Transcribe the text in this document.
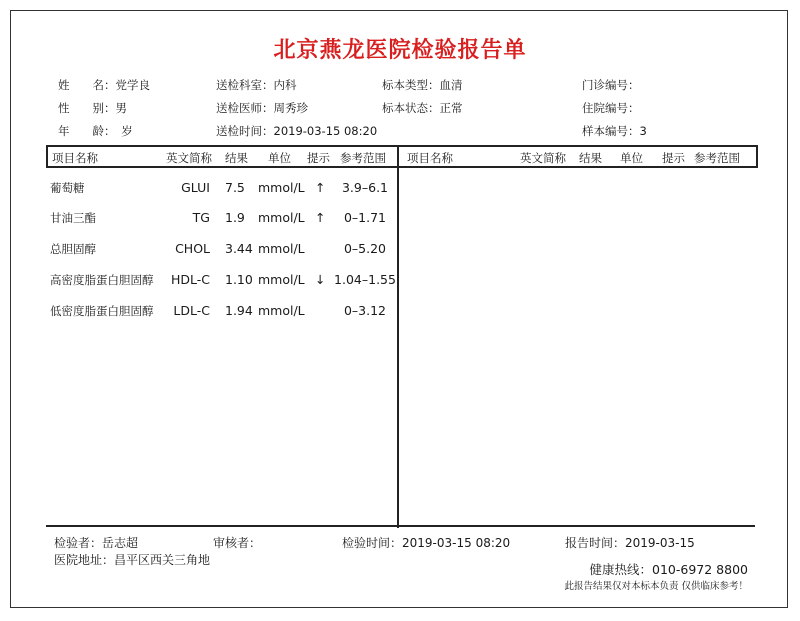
北京燕龙医院检验报告单
姓　　名：党学良
性　　别：男
年　　龄：　岁
送检科室：内科
送检医师：周秀珍
送检时间：2019-03-15 08:20
标本类型：血清
标本状态：正常
门诊编号：
住院编号：
样本编号：3
项目名称	英文简称 结果 单位 提示 参考范围 项目名称	英文简称 结果 单位 提示 参考范围
葡萄糖	GLUI 7.5 mmol/L ↑	3.9–6.1
甘油三酯	TG 1.9 mmol/L ↑	0–1.71
总胆固醇	CHOL 3.44 mmol/L	0–5.20
高密度脂蛋白胆固醇	HDL-C 1.10 mmol/L ↓ 1.04–1.55
低密度脂蛋白胆固醇	LDL-C 1.94 mmol/L	0–3.12
检验者：岳志超	审核者：	检验时间：2019-03-15 08:20	报告时间：2019-03-15
医院地址：昌平区西关三角地
健康热线：010-6972 8800
此报告结果仅对本标本负责 仅供临床参考！
